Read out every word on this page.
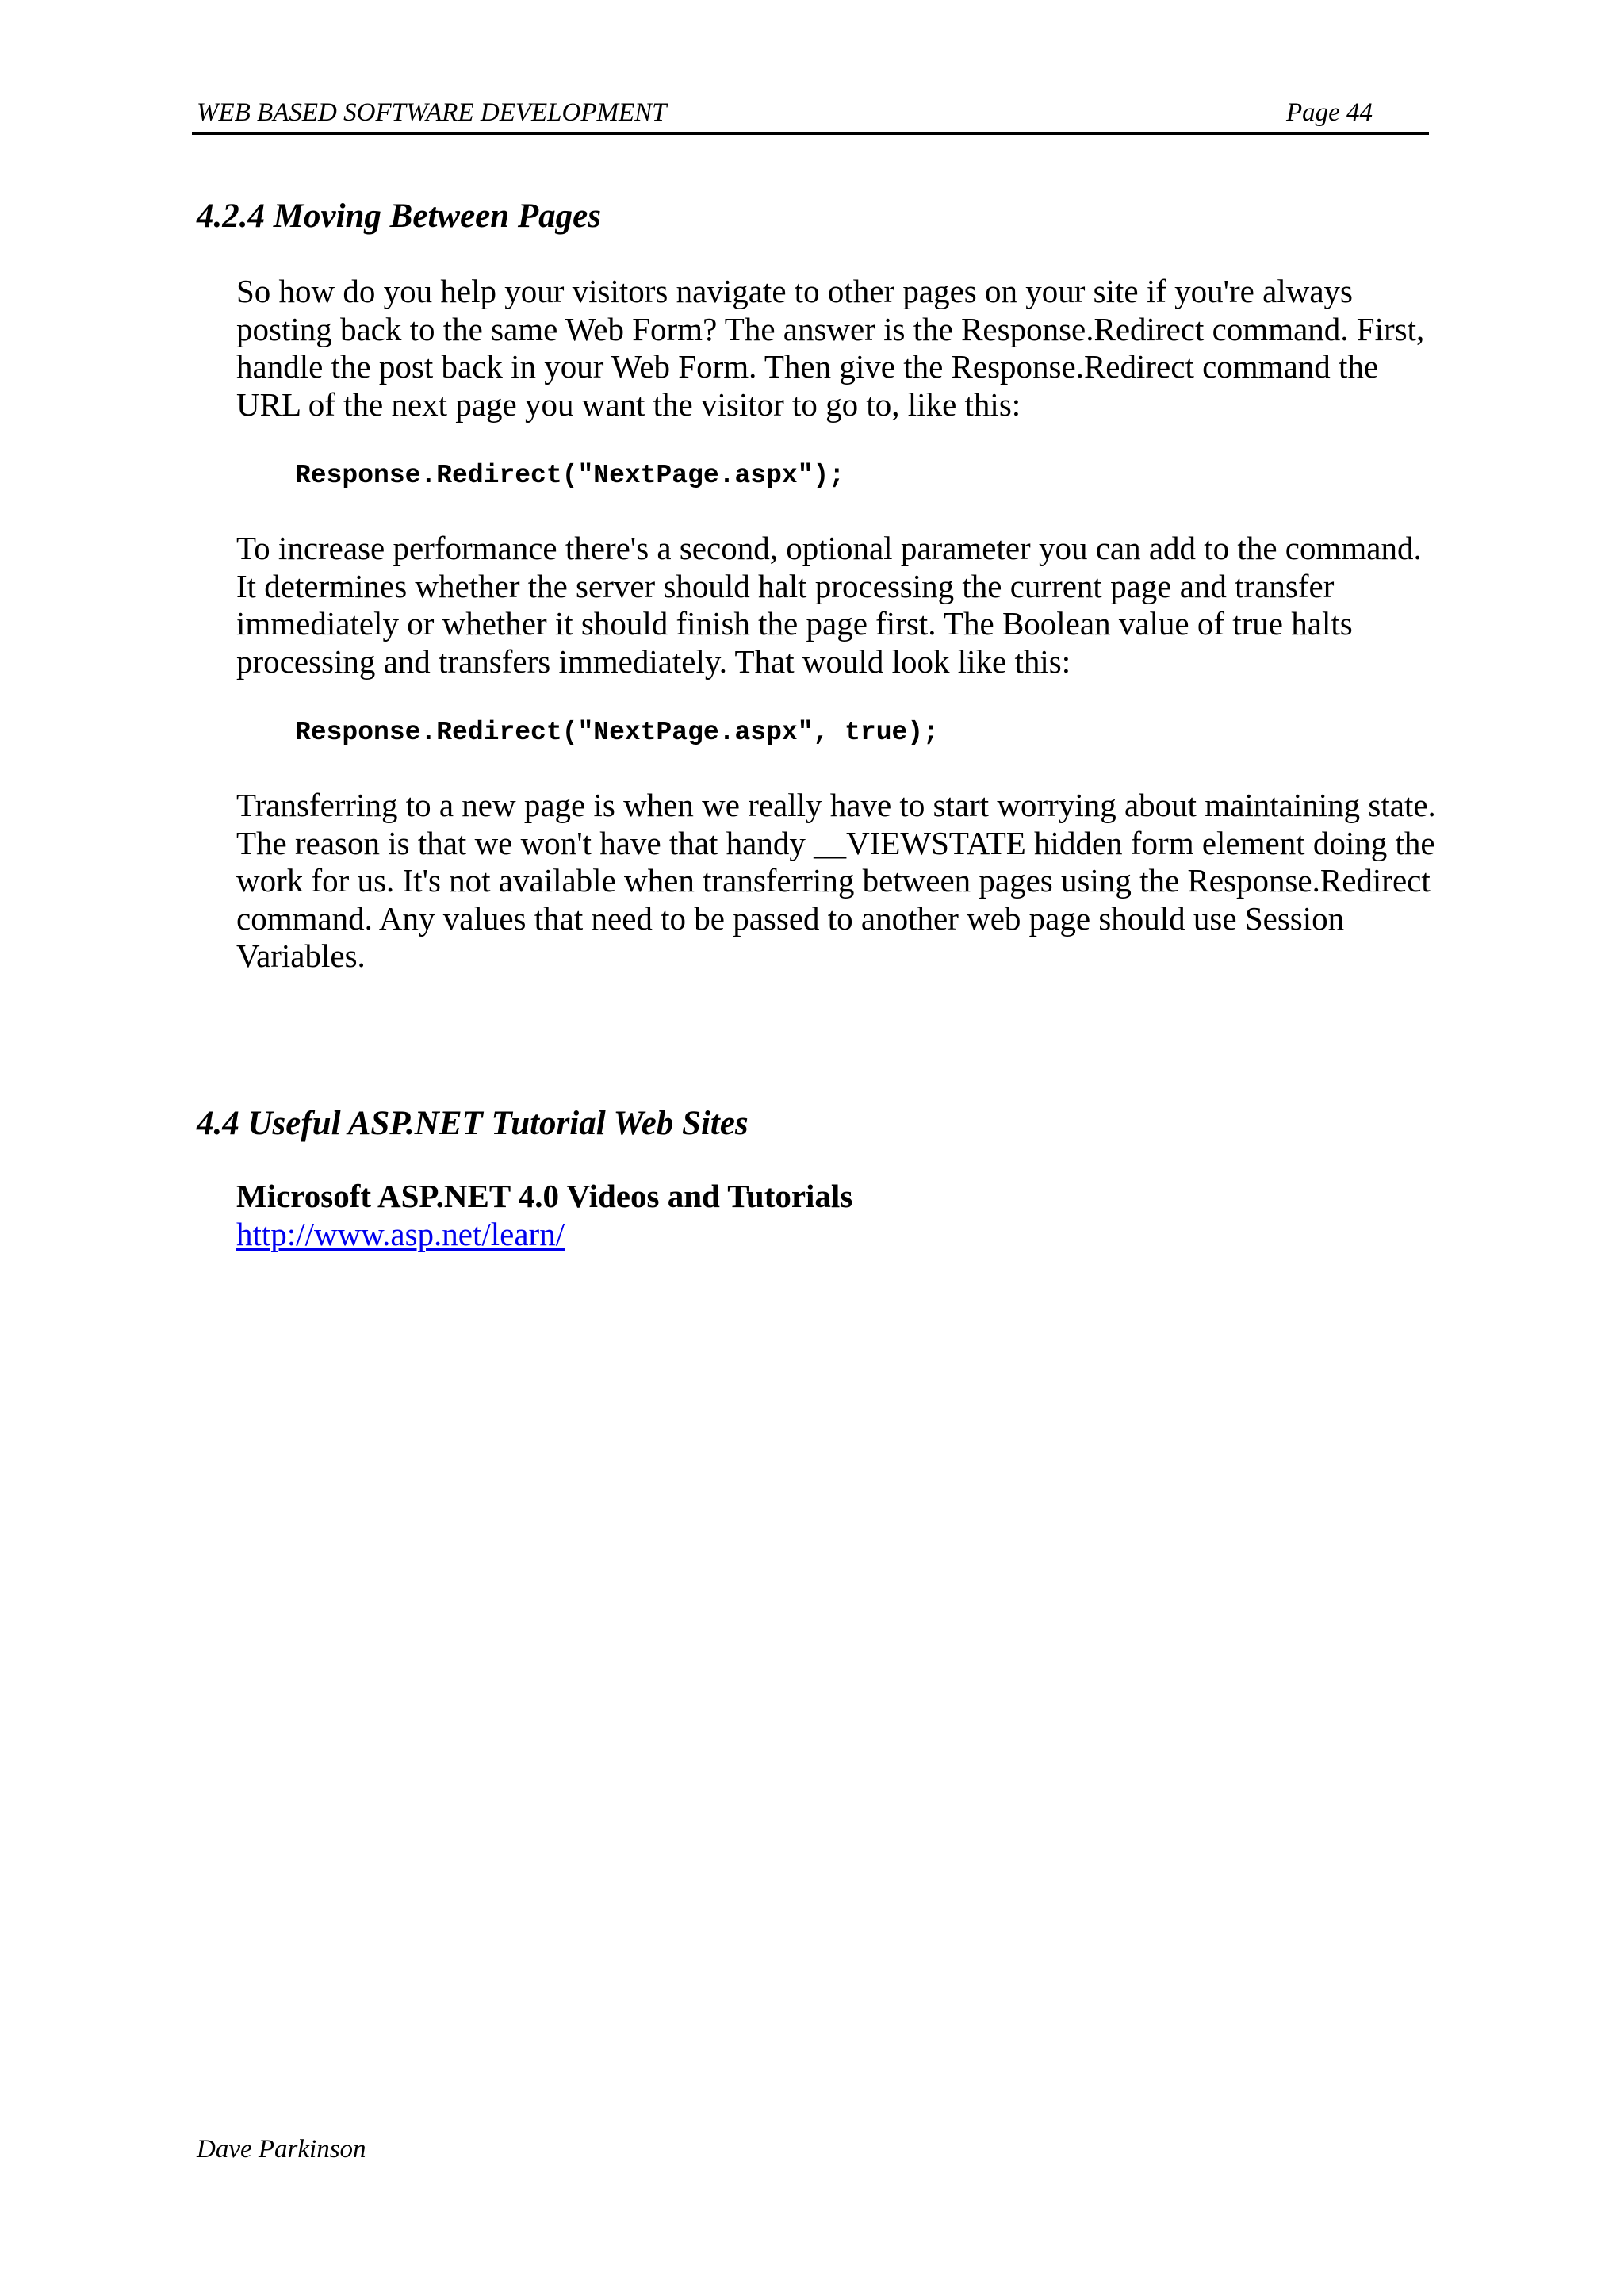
WEB BASED SOFTWARE DEVELOPMENT	Page 44
4.2.4 Moving Between Pages

So how do you help your visitors navigate to other pages on your site if you're always posting back to the same Web Form? The answer is the Response.Redirect command. First, handle the post back in your Web Form. Then give the Response.Redirect command the URL of the next page you want the visitor to go to, like this:

Response.Redirect("NextPage.aspx");

To increase performance there's a second, optional parameter you can add to the command. It determines whether the server should halt processing the current page and transfer immediately or whether it should finish the page first. The Boolean value of true halts processing and transfers immediately. That would look like this:

Response.Redirect("NextPage.aspx", true);

Transferring to a new page is when we really have to start worrying about maintaining state. The reason is that we won't have that handy __VIEWSTATE hidden form element doing the work for us. It's not available when transferring between pages using the Response.Redirect command. Any values that need to be passed to another web page should use Session Variables.

4.4 Useful ASP.NET Tutorial Web Sites
Microsoft ASP.NET 4.0 Videos and Tutorials
http://www.asp.net/learn/
Dave Parkinson
